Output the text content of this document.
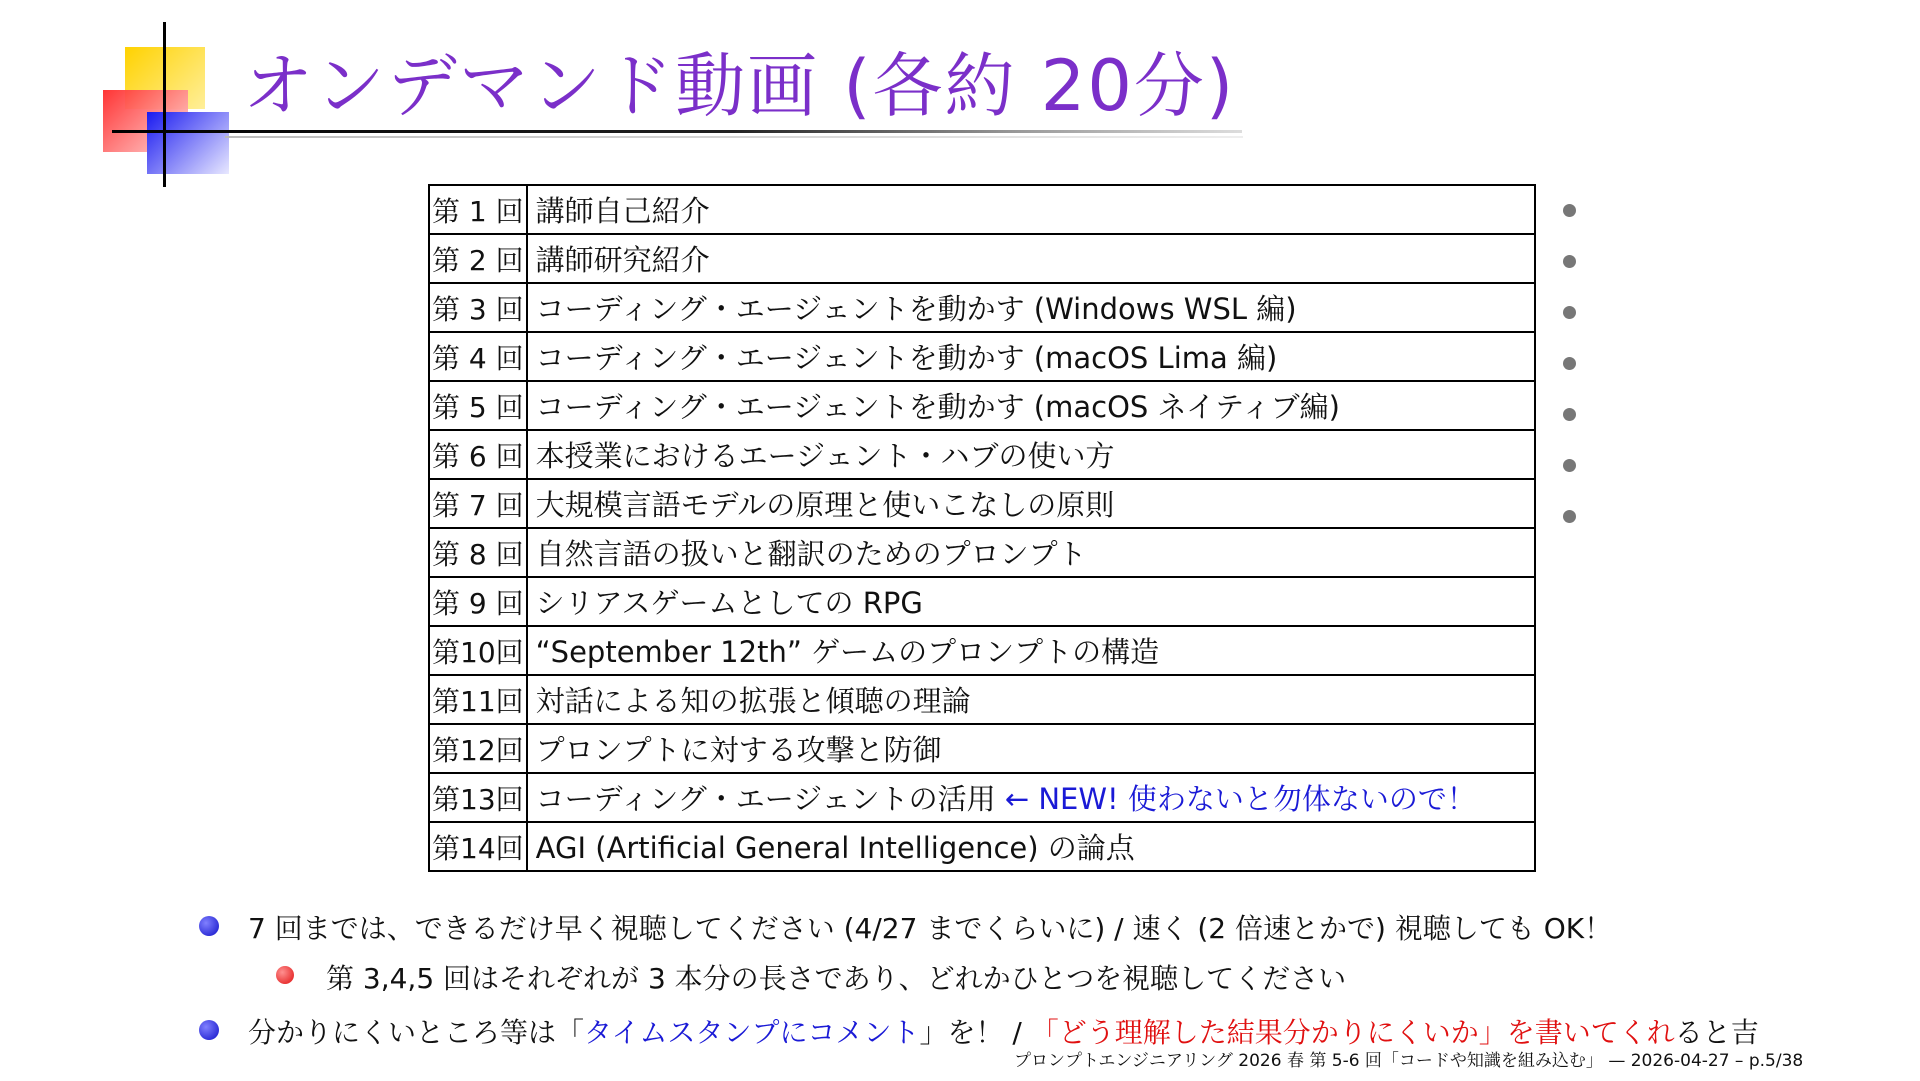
オンデマンド動画 (各約 20分)
第 1 回	講師自己紹介
第 2 回	講師研究紹介
第 3 回	コーディング・エージェントを動かす (Windows WSL 編)
第 4 回	コーディング・エージェントを動かす (macOS Lima 編)
第 5 回	コーディング・エージェントを動かす (macOS ネイティブ編)
第 6 回	本授業におけるエージェント・ハブの使い方
第 7 回	大規模言語モデルの原理と使いこなしの原則
第 8 回	自然言語の扱いと翻訳のためのプロンプト
第 9 回	シリアスゲームとしての RPG
第10回	“September 12th” ゲームのプロンプトの構造
第11回	対話による知の拡張と傾聴の理論
第12回	プロンプトに対する攻撃と防御
第13回	コーディング・エージェントの活用 ← NEW! 使わないと勿体ないので！
第14回	AGI (Artificial General Intelligence) の論点
7 回までは、できるだけ早く視聴してください (4/27 までくらいに) / 速く (2 倍速とかで) 視聴しても OK！
第 3,4,5 回はそれぞれが 3 本分の長さであり、どれかひとつを視聴してください
分かりにくいところ等は「タイムスタンプにコメント」を！ / 「どう理解した結果分かりにくいか」を書いてくれると吉
プロンプトエンジニアリング 2026 春 第 5-6 回「コードや知識を組み込む」 — 2026-04-27 – p.5/38
